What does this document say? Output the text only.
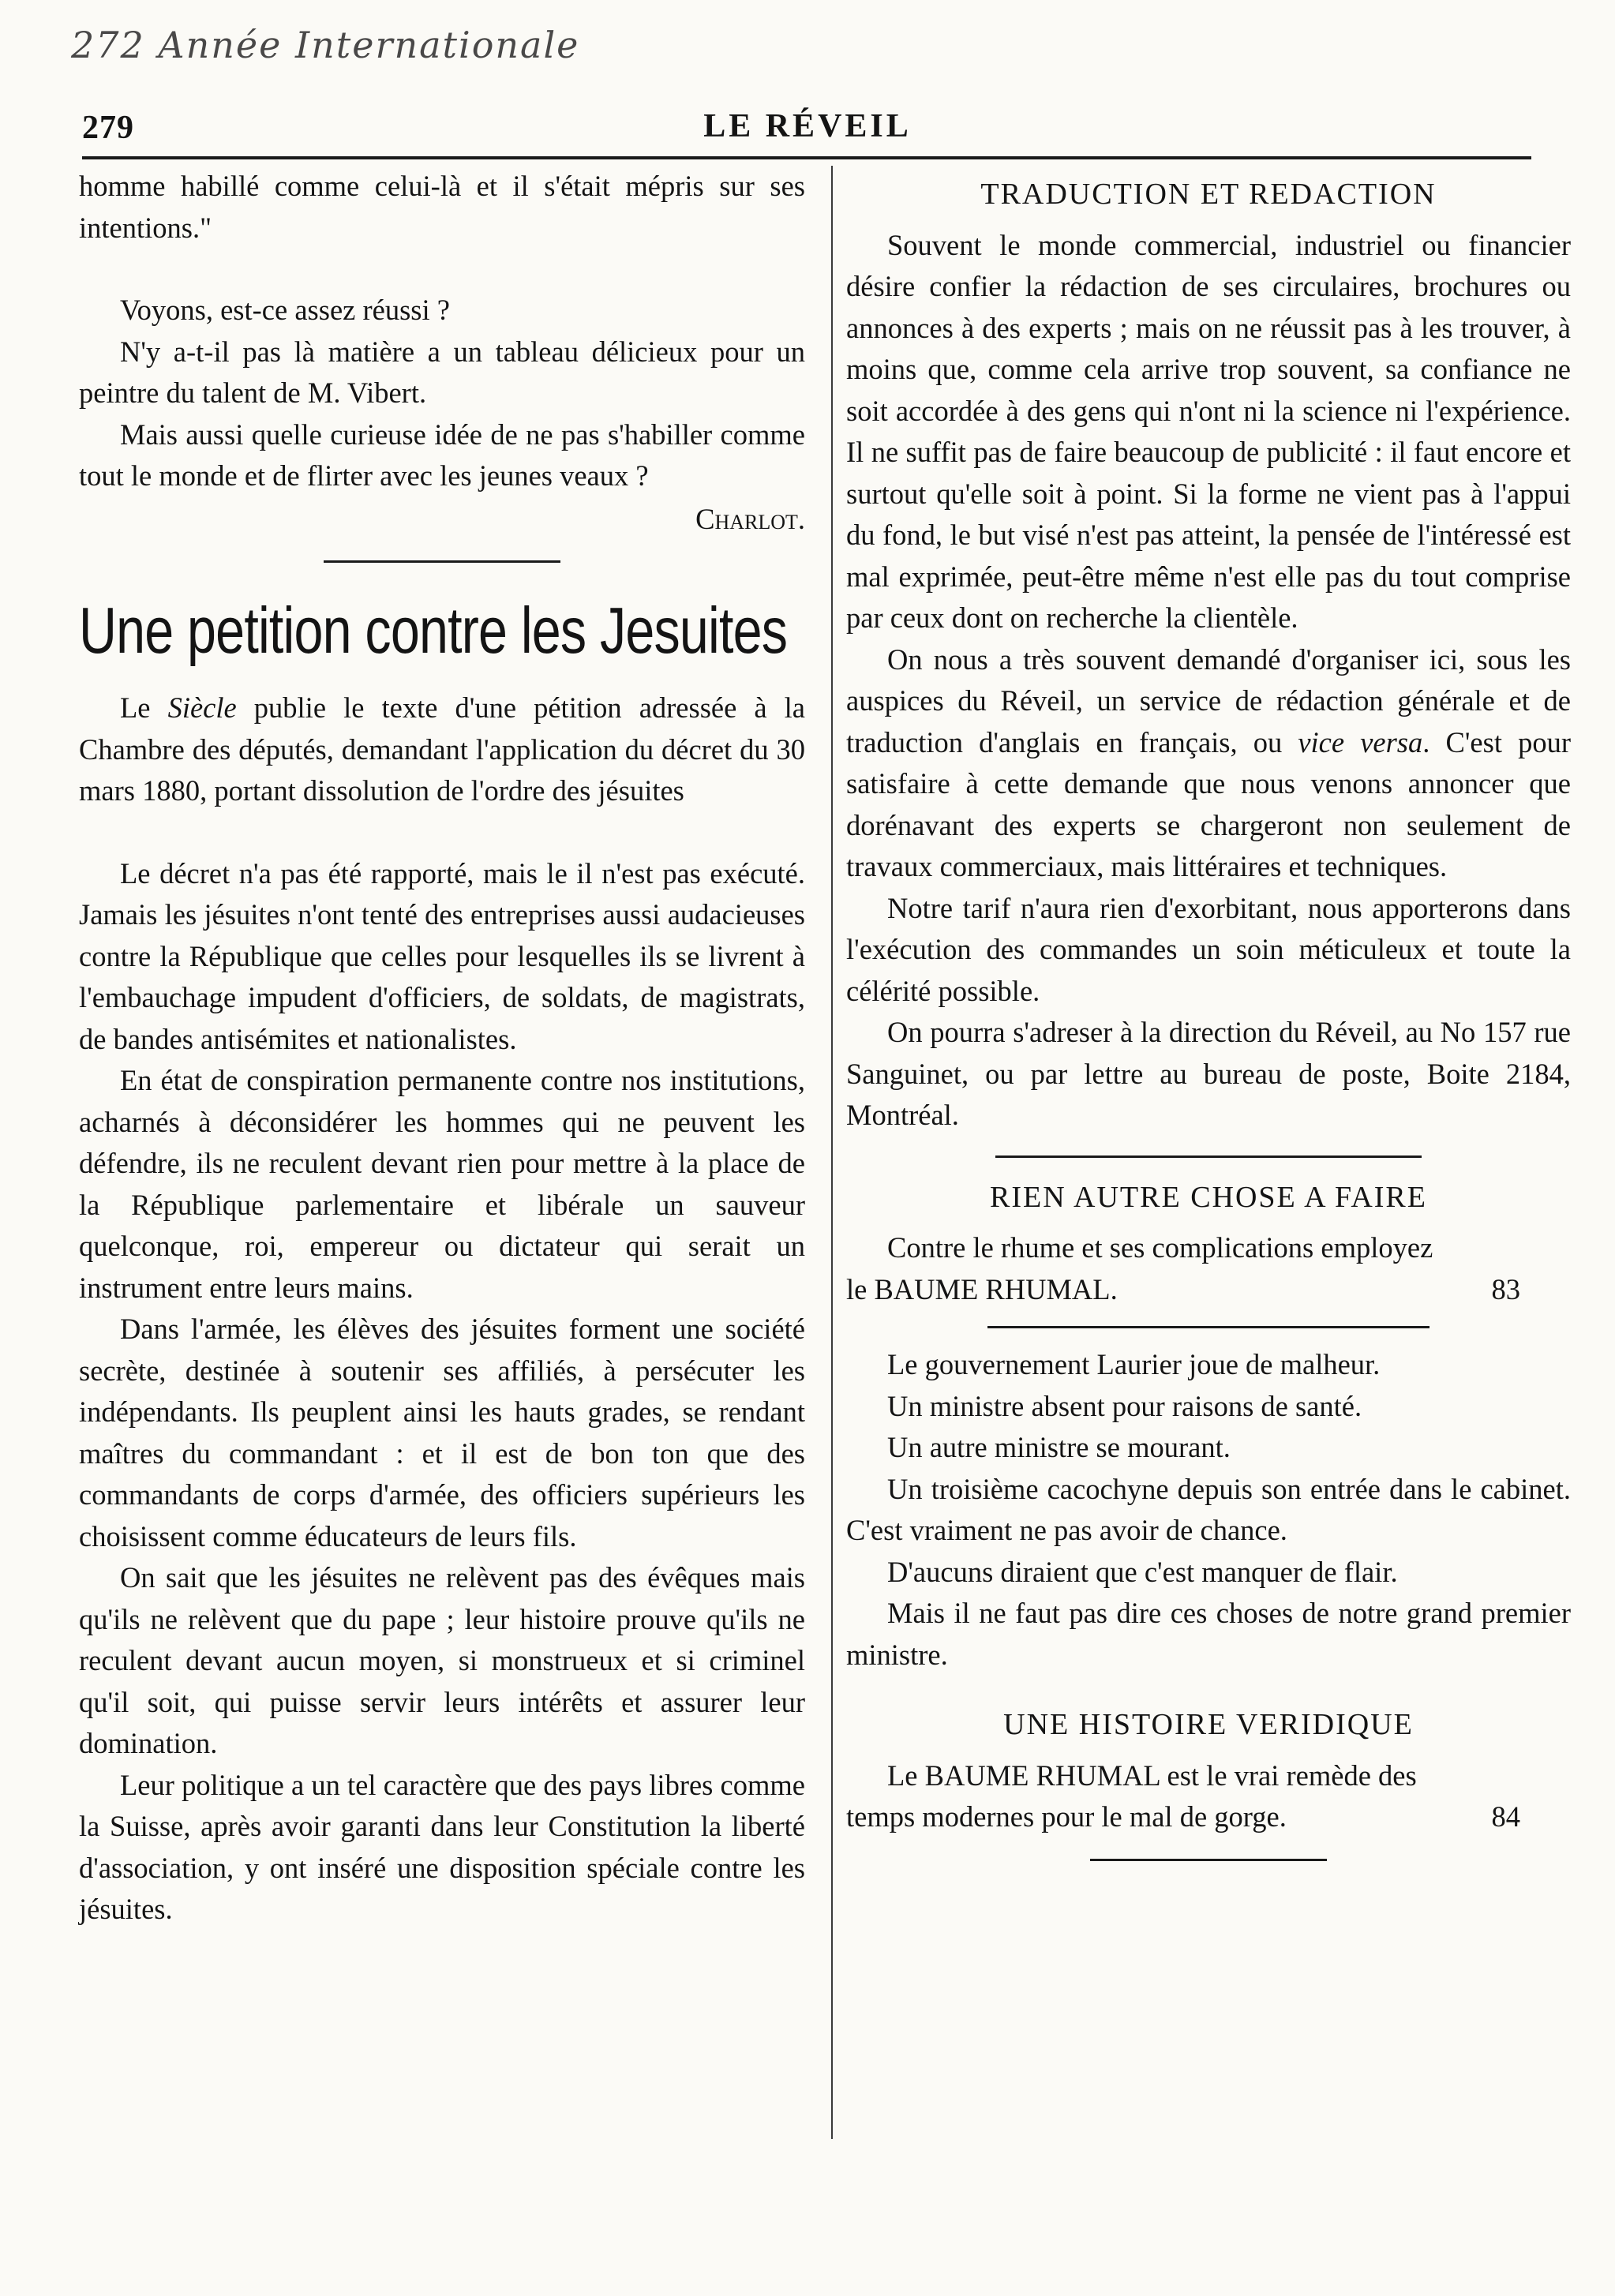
272 Année Internationale
279	LE RÉVEIL

homme habillé comme celui-là et il s'était mépris sur ses intentions."

Voyons, est-ce assez réussi ?

N'y a-t-il pas là matière a un tableau délicieux pour un peintre du talent de M. Vibert.

Mais aussi quelle curieuse idée de ne pas s'habiller comme tout le monde et de flirter avec les jeunes veaux ?

Charlot.

Une petition contre les Jesuites

Le Siècle publie le texte d'une pétition adressée à la Chambre des députés, demandant l'application du décret du 30 mars 1880, portant dissolution de l'ordre des jésuites

Le décret n'a pas été rapporté, mais le il n'est pas exécuté. Jamais les jésuites n'ont tenté des entreprises aussi audacieuses contre la République que celles pour lesquelles ils se livrent à l'embauchage impudent d'officiers, de soldats, de magistrats, de bandes antisémites et nationalistes.

En état de conspiration permanente contre nos institutions, acharnés à déconsidérer les hommes qui ne peuvent les défendre, ils ne reculent devant rien pour mettre à la place de la République parlementaire et libérale un sauveur quelconque, roi, empereur ou dictateur qui serait un instrument entre leurs mains.

Dans l'armée, les élèves des jésuites forment une société secrète, destinée à soutenir ses affiliés, à persécuter les indépendants. Ils peuplent ainsi les hauts grades, se rendant maîtres du commandant : et il est de bon ton que des commandants de corps d'armée, des officiers supérieurs les choisissent comme éducateurs de leurs fils.

On sait que les jésuites ne relèvent pas des évêques mais qu'ils ne relèvent que du pape ; leur histoire prouve qu'ils ne reculent devant aucun moyen, si monstrueux et si criminel qu'il soit, qui puisse servir leurs intérêts et assurer leur domination.

Leur politique a un tel caractère que des pays libres comme la Suisse, après avoir garanti dans leur Constitution la liberté d'association, y ont inséré une disposition spéciale contre les jésuites.

TRADUCTION ET REDACTION

Souvent le monde commercial, industriel ou financier désire confier la rédaction de ses circulaires, brochures ou annonces à des experts ; mais on ne réussit pas à les trouver, à moins que, comme cela arrive trop souvent, sa confiance ne soit accordée à des gens qui n'ont ni la science ni l'expérience. Il ne suffit pas de faire beaucoup de publicité : il faut encore et surtout qu'elle soit à point. Si la forme ne vient pas à l'appui du fond, le but visé n'est pas atteint, la pensée de l'intéressé est mal exprimée, peut-être même n'est elle pas du tout comprise par ceux dont on recherche la clientèle.

On nous a très souvent demandé d'organiser ici, sous les auspices du Réveil, un service de rédaction générale et de traduction d'anglais en français, ou vice versa. C'est pour satisfaire à cette demande que nous venons annoncer que dorénavant des experts se chargeront non seulement de travaux commerciaux, mais littéraires et techniques.

Notre tarif n'aura rien d'exorbitant, nous apporterons dans l'exécution des commandes un soin méticuleux et toute la célérité possible.

On pourra s'adreser à la direction du Réveil, au No 157 rue Sanguinet, ou par lettre au bureau de poste, Boite 2184, Montréal.

RIEN AUTRE CHOSE A FAIRE

Contre le rhume et ses complications employez

le BAUME RHUMAL.	83

Le gouvernement Laurier joue de malheur.

Un ministre absent pour raisons de santé.

Un autre ministre se mourant.

Un troisième cacochyne depuis son entrée dans le cabinet. C'est vraiment ne pas avoir de chance.

D'aucuns diraient que c'est manquer de flair.

Mais il ne faut pas dire ces choses de notre grand premier ministre.

UNE HISTOIRE VERIDIQUE

Le BAUME RHUMAL est le vrai remède des

temps modernes pour le mal de gorge.	84
